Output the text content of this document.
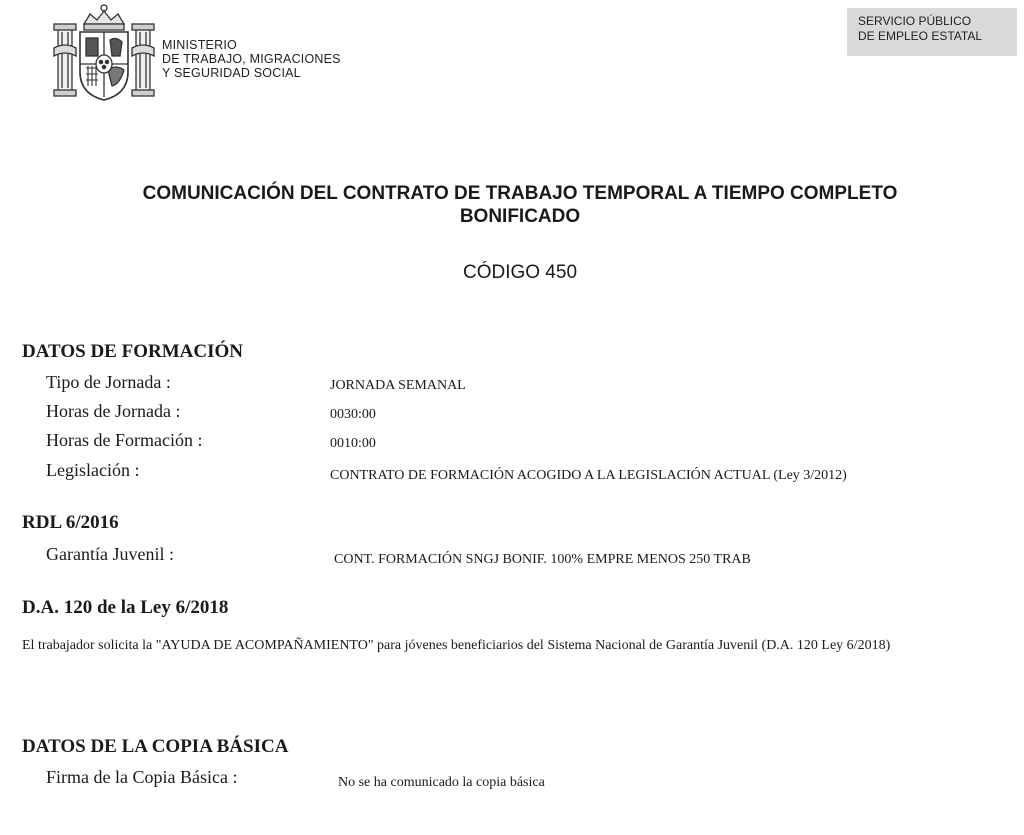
MINISTERIO
DE TRABAJO, MIGRACIONES
Y SEGURIDAD SOCIAL
SERVICIO PÚBLICO
DE EMPLEO ESTATAL
COMUNICACIÓN DEL CONTRATO DE TRABAJO TEMPORAL A TIEMPO COMPLETO
BONIFICADO
CÓDIGO 450
DATOS DE FORMACIÓN
Tipo de Jornada :	JORNADA SEMANAL
Horas de Jornada :	0030:00
Horas de Formación :	0010:00
Legislación :	CONTRATO DE FORMACIÓN ACOGIDO A LA LEGISLACIÓN ACTUAL (Ley 3/2012)
RDL 6/2016
Garantía Juvenil :	CONT. FORMACIÓN SNGJ BONIF. 100% EMPRE MENOS 250 TRAB
D.A. 120 de la Ley 6/2018
El trabajador solicita la "AYUDA DE ACOMPAÑAMIENTO" para jóvenes beneficiarios del Sistema Nacional de Garantía Juvenil (D.A. 120 Ley 6/2018)
DATOS DE LA COPIA BÁSICA
Firma de la Copia Básica :	No se ha comunicado la copia básica
